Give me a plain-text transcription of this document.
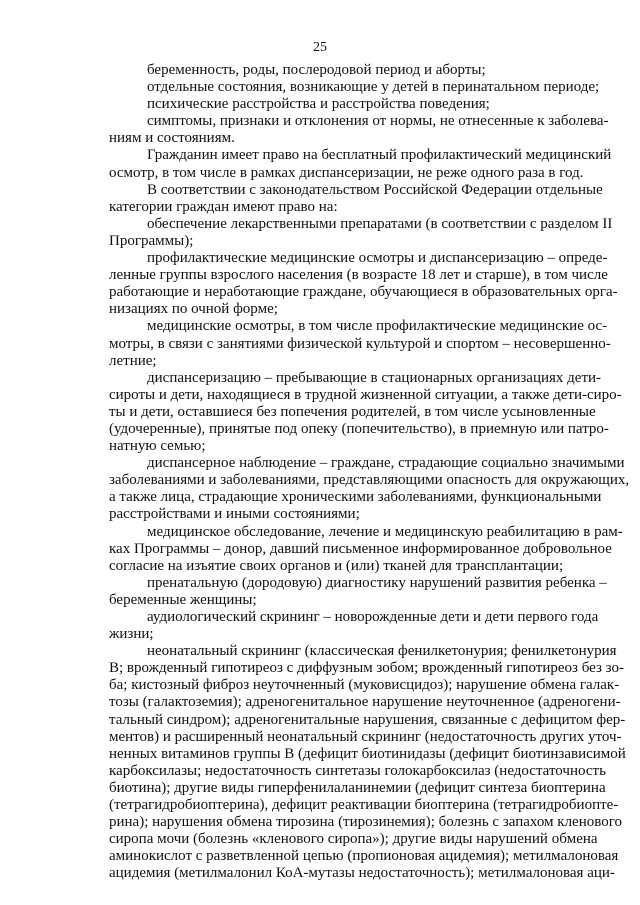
25
беременность, роды, послеродовой период и аборты;
отдельные состояния, возникающие у детей в перинатальном периоде;
психические расстройства и расстройства поведения;
симптомы, признаки и отклонения от нормы, не отнесенные к заболева-
ниям и состояниям.
Гражданин имеет право на бесплатный профилактический медицинский
осмотр, в том числе в рамках диспансеризации, не реже одного раза в год.
В соответствии с законодательством Российской Федерации отдельные
категории граждан имеют право на:
обеспечение лекарственными препаратами (в соответствии с разделом II
Программы);
профилактические медицинские осмотры и диспансеризацию – опреде-
ленные группы взрослого населения (в возрасте 18 лет и старше), в том числе
работающие и неработающие граждане, обучающиеся в образовательных орга-
низациях по очной форме;
медицинские осмотры, в том числе профилактические медицинские ос-
мотры, в связи с занятиями физической культурой и спортом – несовершенно-
летние;
диспансеризацию – пребывающие в стационарных организациях дети-
сироты и дети, находящиеся в трудной жизненной ситуации, а также дети-сиро-
ты и дети, оставшиеся без попечения родителей, в том числе усыновленные
(удочеренные), принятые под опеку (попечительство), в приемную или патро-
натную семью;
диспансерное наблюдение – граждане, страдающие социально значимыми
заболеваниями и заболеваниями, представляющими опасность для окружающих,
а также лица, страдающие хроническими заболеваниями, функциональными
расстройствами и иными состояниями;
медицинское обследование, лечение и медицинскую реабилитацию в рам-
ках Программы – донор, давший письменное информированное добровольное
согласие на изъятие своих органов и (или) тканей для трансплантации;
пренатальную (дородовую) диагностику нарушений развития ребенка –
беременные женщины;
аудиологический скрининг – новорожденные дети и дети первого года
жизни;
неонатальный скрининг (классическая фенилкетонурия; фенилкетонурия
В; врожденный гипотиреоз с диффузным зобом; врожденный гипотиреоз без зо-
ба; кистозный фиброз неуточненный (муковисцидоз); нарушение обмена галак-
тозы (галактоземия); адреногенитальное нарушение неуточненное (адреногени-
тальный синдром); адреногенитальные нарушения, связанные с дефицитом фер-
ментов) и расширенный неонатальный скрининг (недостаточность других уточ-
ненных витаминов группы В (дефицит биотинидазы (дефицит биотинзависимой
карбоксилазы; недостаточность синтетазы голокарбоксилаз (недостаточность
биотина); другие виды гиперфенилаланинемии (дефицит синтеза биоптерина
(тетрагидробиоптерина), дефицит реактивации биоптерина (тетрагидробиопте-
рина); нарушения обмена тирозина (тирозинемия); болезнь с запахом кленового
сиропа мочи (болезнь «кленового сиропа»); другие виды нарушений обмена
аминокислот с разветвленной цепью (пропионовая ацидемия); метилмалоновая
ацидемия (метилмалонил КоА-мутазы недостаточность); метилмалоновая аци-
